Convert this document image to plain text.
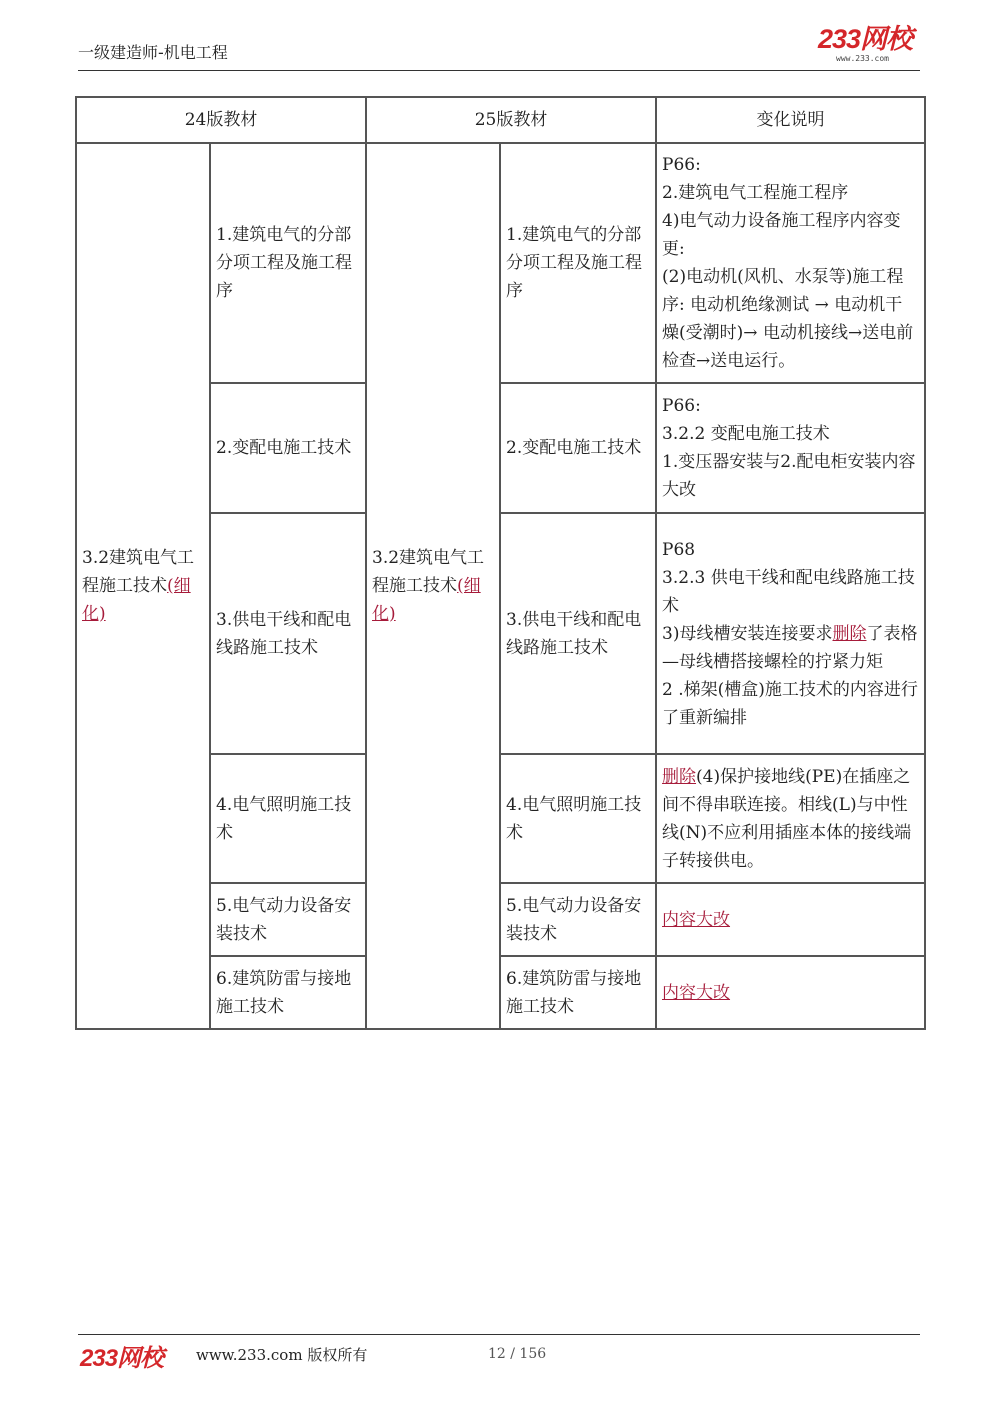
一级建造师-机电工程	233网校
www.233.com
24版教材		25版教材		变化说明
3.2建筑电气工程施工技术(细化)	1.建筑电气的分部分项工程及施工程序	3.2建筑电气工程施工技术(细化)	1.建筑电气的分部分项工程及施工程序	P66:
2.建筑电气工程施工程序
4)电气动力设备施工程序内容变更:
(2)电动机(风机、水泵等)施工程序: 电动机绝缘测试 → 电动机干燥(受潮时)→ 电动机接线→送电前检查→送电运行。

	2.变配电施工技术		2.变配电施工技术	P66:
3.2.2 变配电施工技术
1.变压器安装与2.配电柜安装内容大改

	3.供电干线和配电线路施工技术		3.供电干线和配电线路施工技术	P68
3.2.3 供电干线和配电线路施工技术
3)母线槽安装连接要求删除了表格—母线槽搭接螺栓的拧紧力矩
2 .梯架(槽盒)施工技术的内容进行了重新编排

	4.电气照明施工技术		4.电气照明施工技术	删除(4)保护接地线(PE)在插座之间不得串联连接。相线(L)与中性线(N)不应利用插座本体的接线端子转接供电。
	5.电气动力设备安装技术		5.电气动力设备安装技术	内容大改
	6.建筑防雷与接地施工技术		6.建筑防雷与接地施工技术	内容大改
233网校 www.233.com 版权所有	12 / 156
